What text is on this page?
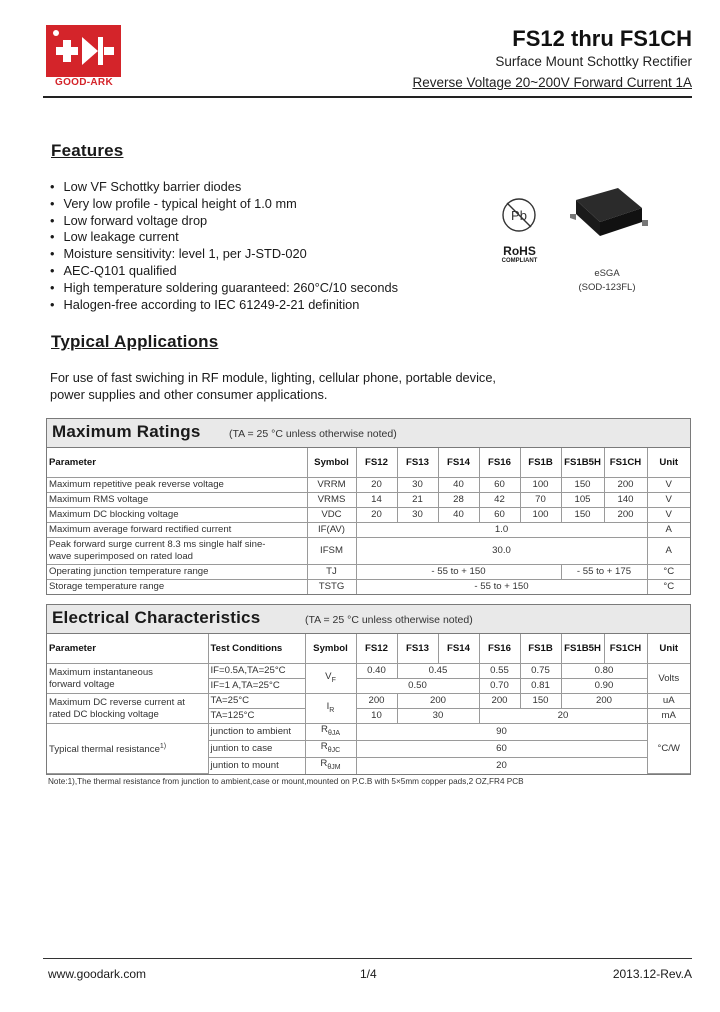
GOOD-ARK
FS12 thru FS1CH
Surface Mount Schottky Rectifier
Reverse Voltage 20~200V Forward Current 1A
Features
• Low VF Schottky barrier diodes
• Very low profile - typical height of 1.0 mm
• Low forward voltage drop
• Low leakage current
• Moisture sensitivity: level 1, per J-STD-020
• AEC-Q101 qualified
• High temperature soldering guaranteed: 260°C/10 seconds
• Halogen-free according to IEC 61249-2-21 definition
Pb
RoHS
COMPLIANT
eSGA
(SOD-123FL)
Typical Applications
For use of fast swiching in RF module, lighting, cellular phone, portable device,
power supplies and other consumer applications.
Maximum Ratings	(TA = 25 °C unless otherwise noted)
Parameter	Symbol	FS12	FS13	FS14	FS16	FS1B	FS1B5H	FS1CH	Unit
Maximum repetitive peak reverse voltage	VRRM	20	30	40	60	100	150	200	V
Maximum RMS voltage	VRMS	14	21	28	42	70	105	140	V
Maximum DC blocking voltage	VDC	20	30	40	60	100	150	200	V
Maximum average forward rectified current	IF(AV)	1.0							A

Peak forward surge current 8.3 ms single half sine-
wave superimposed on rated load	IFSM	30.0							A
Operating junction temperature range	TJ	- 55 to + 150					- 55 to + 175		°C
Storage temperature range	TSTG	- 55 to + 150							°C
Electrical Characteristics	(TA = 25 °C unless otherwise noted)
Parameter	Test Conditions	Symbol	FS12	FS13	FS14	FS16	FS1B	FS1B5H	FS1CH	Unit

Maximum instantaneous
forward voltage	IF=0.5A,TA=25°C	$V_F$	0.40	0.45		0.55	0.75	0.80		Volts
	IF=1 A,TA=25°C		0.50			0.70	0.81	0.90		

Maximum DC reverse current at
rated DC blocking voltage	TA=25°C	$I_R$	200	200		200	150	200		uA
	TA=125°C		10	30		20				mA
Typical thermal resistance$^{1)}$	junction to ambient	$R_{\theta JA}$	90							°C/W
	juntion to case	$R_{\theta JC}$	60							
	juntion to mount	$R_{\theta JM}$	20							
Note:1),The thermal resistance from junction to ambient,case or mount,mounted on P.C.B with 5×5mm copper pads,2 OZ,FR4 PCB
www.goodark.com	1/4	2013.12-Rev.A
